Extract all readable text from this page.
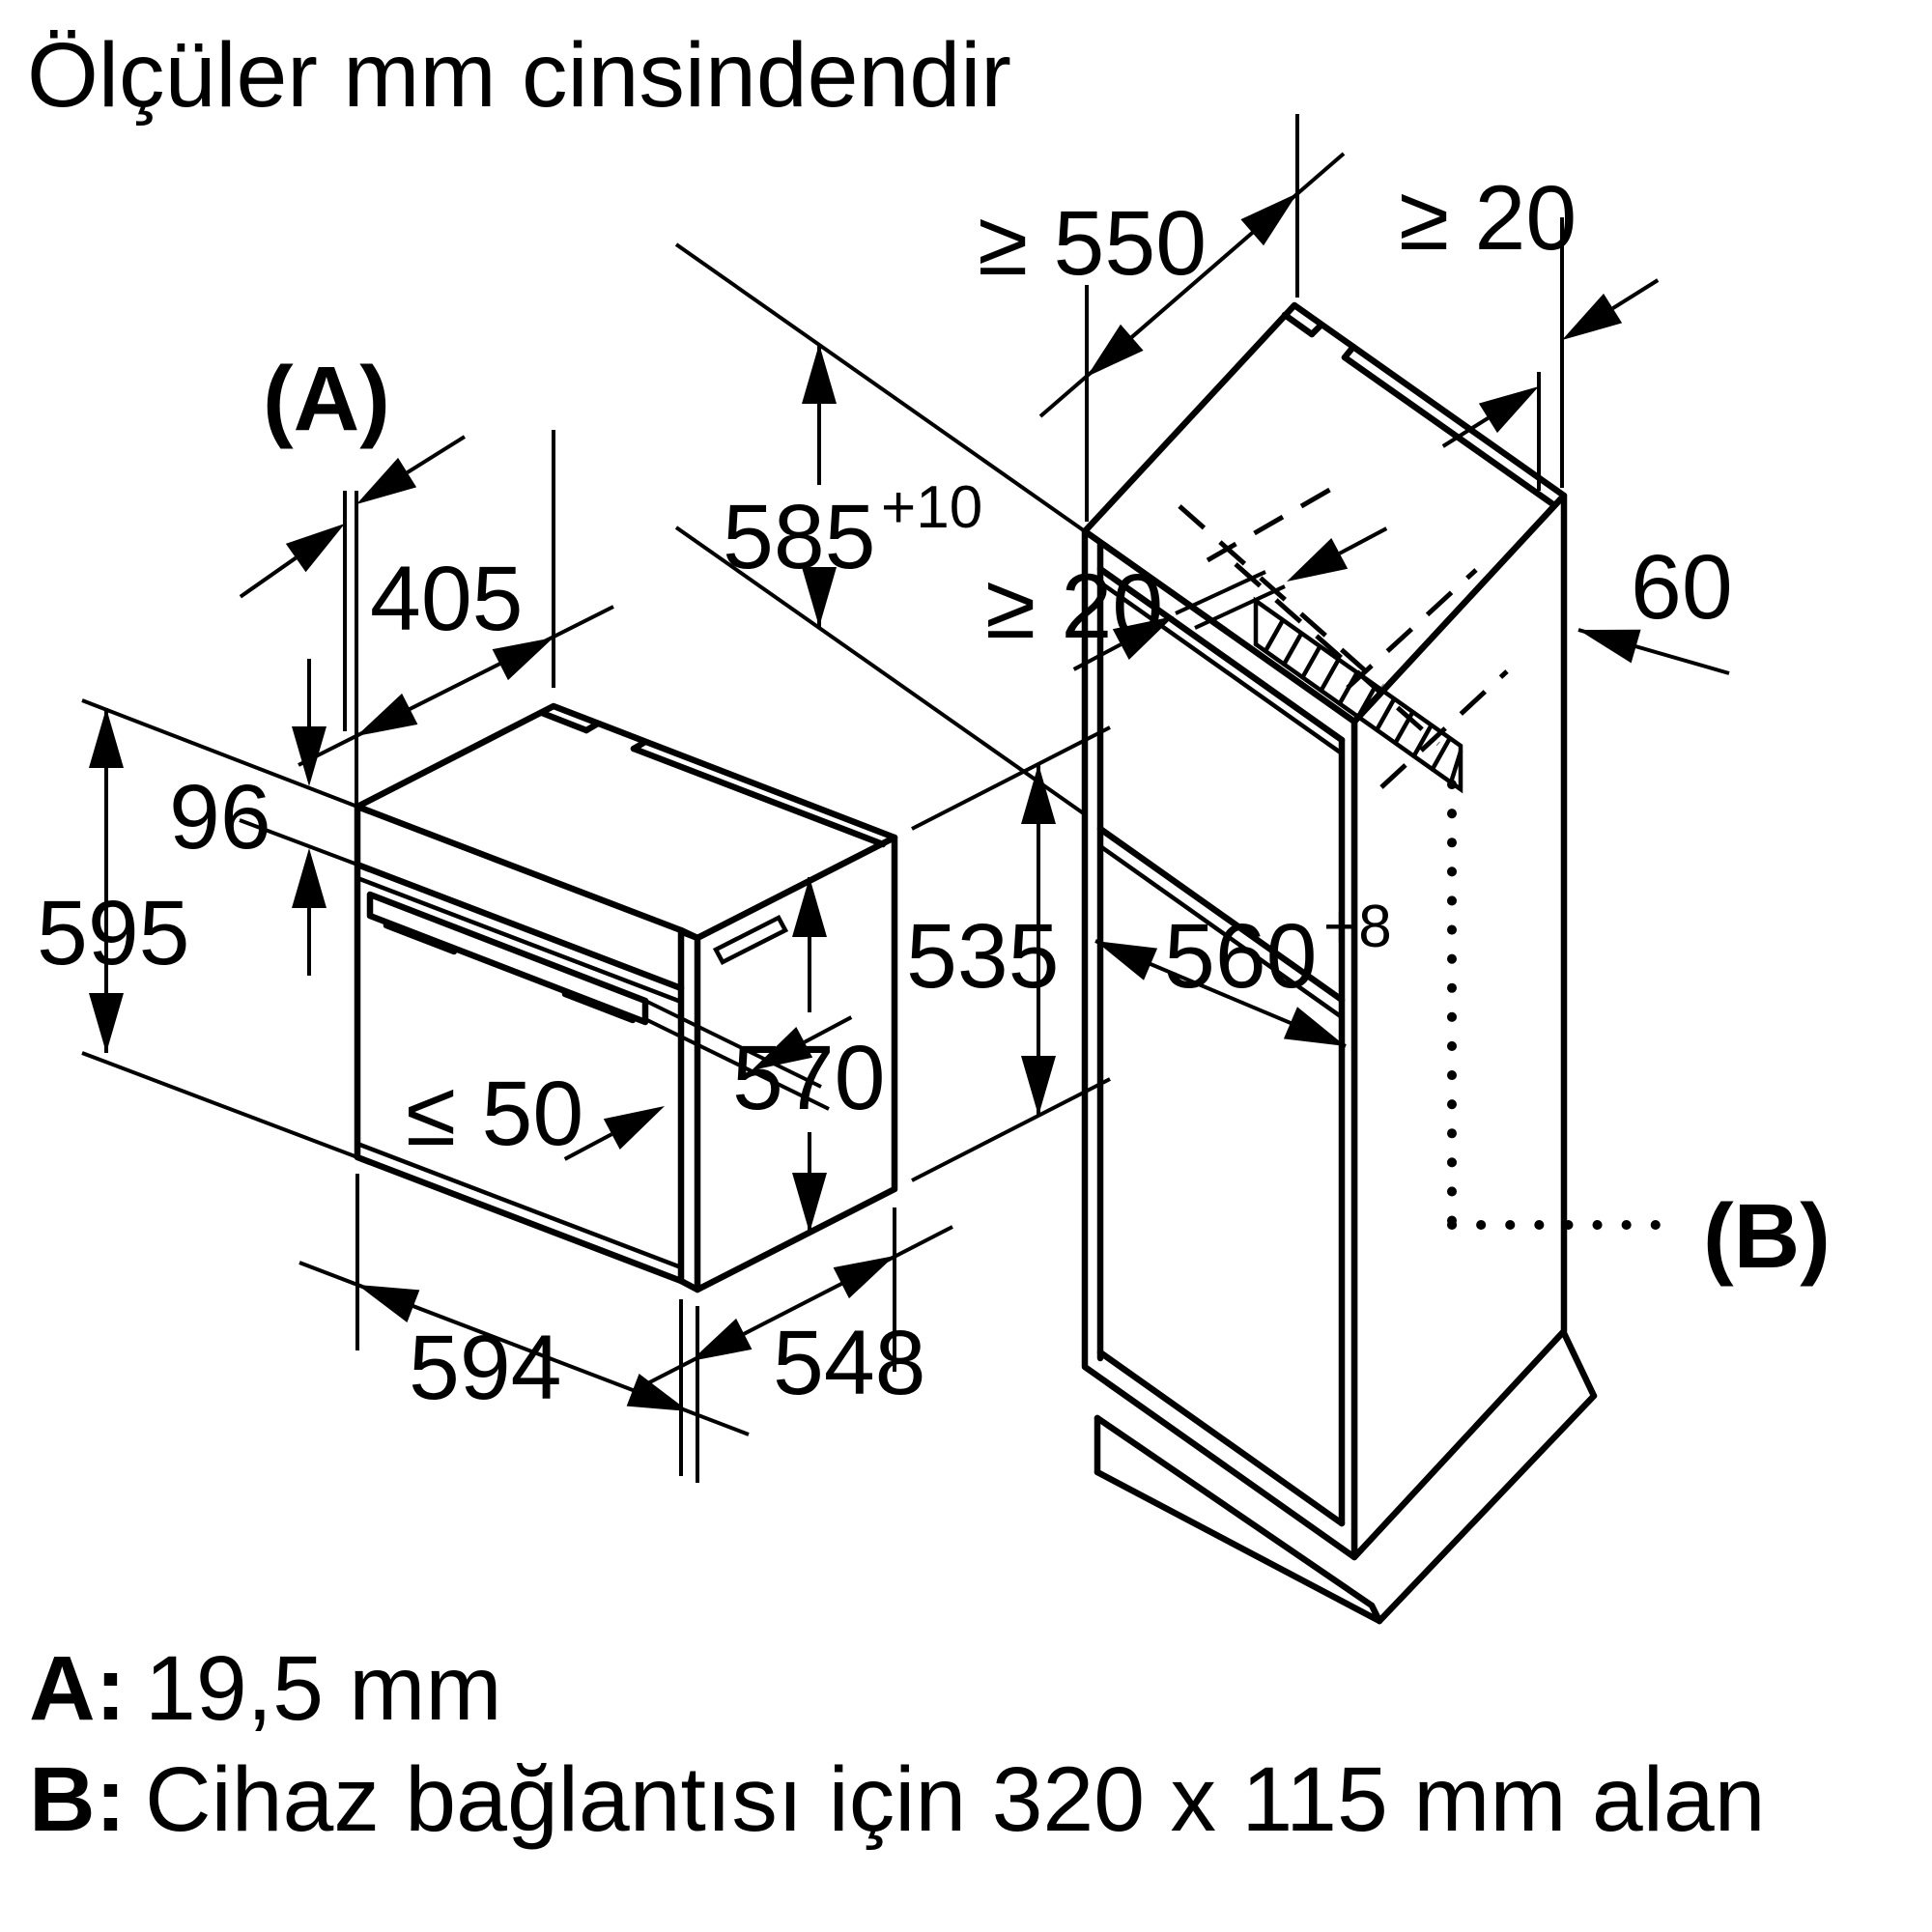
Ölçüler mm cinsindendir
(A)
405
96
595
≤ 50 570
594 548
535
≥ 550 ≥ 20
585 +10
≥ 20	60
560 +8
(B)
A: 19,5 mm
B: Cihaz bağlantısı için 320 x 115 mm alan
